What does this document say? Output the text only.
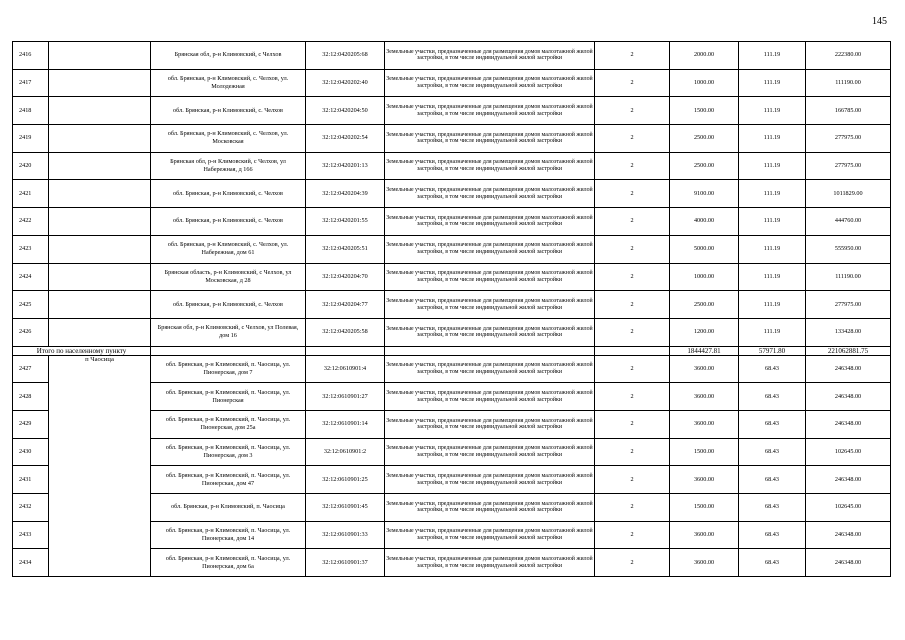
145
2416		Брянская обл, р-н Климовский, с Челхов	32:12:0420205:68	Земельные участки, предназначенные для размещения домов малоэтажной жилой застройки, в том числе индивидуальной жилой застройки	2	2000.00	111.19	222380.00
2417		обл. Брянская, р-н Климовский, с. Челхов, ул. Молодежная	32:12:0420202:40	Земельные участки, предназначенные для размещения домов малоэтажной жилой застройки, в том числе индивидуальной жилой застройки	2	1000.00	111.19	111190.00
2418		обл. Брянская, р-н Климовский, с. Челхов	32:12:0420204:50	Земельные участки, предназначенные для размещения домов малоэтажной жилой застройки, в том числе индивидуальной жилой застройки	2	1500.00	111.19	166785.00
2419		обл. Брянская, р-н Климовский, с. Челхов, ул. Московская	32:12:0420202:54	Земельные участки, предназначенные для размещения домов малоэтажной жилой застройки, в том числе индивидуальной жилой застройки	2	2500.00	111.19	277975.00
2420		Брянская обл, р-н Климовский, с Челхов, ул Набережная, д 166	32:12:0420201:13	Земельные участки, предназначенные для размещения домов малоэтажной жилой застройки, в том числе индивидуальной жилой застройки	2	2500.00	111.19	277975.00
2421		обл. Брянская, р-н Климовский, с. Челхов	32:12:0420204:39	Земельные участки, предназначенные для размещения домов малоэтажной жилой застройки, в том числе индивидуальной жилой застройки	2	9100.00	111.19	1011829.00
2422		обл. Брянская, р-н Климовский, с. Челхов	32:12:0420201:55	Земельные участки, предназначенные для размещения домов малоэтажной жилой застройки, в том числе индивидуальной жилой застройки	2	4000.00	111.19	444760.00
2423		обл. Брянская, р-н Климовский, с. Челхов, ул. Набережная, дом 61	32:12:0420205:51	Земельные участки, предназначенные для размещения домов малоэтажной жилой застройки, в том числе индивидуальной жилой застройки	2	5000.00	111.19	555950.00
2424		Брянская область, р-н Климовский, с Челхов, ул Московская, д 28	32:12:0420204:70	Земельные участки, предназначенные для размещения домов малоэтажной жилой застройки, в том числе индивидуальной жилой застройки	2	1000.00	111.19	111190.00
2425		обл. Брянская, р-н Климовский, с. Челхов	32:12:0420204:77	Земельные участки, предназначенные для размещения домов малоэтажной жилой застройки, в том числе индивидуальной жилой застройки	2	2500.00	111.19	277975.00
2426		Брянская обл, р-н Климовский, с Челхов, ул Полевая, дом 16	32:12:0420205:58	Земельные участки, предназначенные для размещения домов малоэтажной жилой застройки, в том числе индивидуальной жилой застройки	2	1200.00	111.19	133428.00
Итого по населенному пункту						1844427.81	57971.80	221062881.75
2427	п Чаосица	обл. Брянская, р-н Климовский, п. Чаосица, ул. Пионерская, дом 7	32:12:0610901:4	Земельные участки, предназначенные для размещения домов малоэтажной жилой застройки, в том числе индивидуальной жилой застройки	2	3600.00	68.43	246348.00
2428		обл. Брянская, р-н Климовский, п. Чаосица, ул. Пионерская	32:12:0610901:27	Земельные участки, предназначенные для размещения домов малоэтажной жилой застройки, в том числе индивидуальной жилой застройки	2	3600.00	68.43	246348.00
2429		обл. Брянская, р-н Климовский, п. Чаосица, ул. Пионерская, дом 25а	32:12:0610901:14	Земельные участки, предназначенные для размещения домов малоэтажной жилой застройки, в том числе индивидуальной жилой застройки	2	3600.00	68.43	246348.00
2430		обл. Брянская, р-н Климовский, п. Чаосица, ул. Пионерская, дом 3	32:12:0610901:2	Земельные участки, предназначенные для размещения домов малоэтажной жилой застройки, в том числе индивидуальной жилой застройки	2	1500.00	68.43	102645.00
2431		обл. Брянская, р-н Климовский, п. Чаосица, ул. Пионерская, дом 47	32:12:0610901:25	Земельные участки, предназначенные для размещения домов малоэтажной жилой застройки, в том числе индивидуальной жилой застройки	2	3600.00	68.43	246348.00
2432		обл. Брянская, р-н Климовский, п. Чаосица	32:12:0610901:45	Земельные участки, предназначенные для размещения домов малоэтажной жилой застройки, в том числе индивидуальной жилой застройки	2	1500.00	68.43	102645.00
2433		обл. Брянская, р-н Климовский, п. Чаосица, ул. Пионерская, дом 14	32:12:0610901:33	Земельные участки, предназначенные для размещения домов малоэтажной жилой застройки, в том числе индивидуальной жилой застройки	2	3600.00	68.43	246348.00
2434		обл. Брянская, р-н Климовский, п. Чаосица, ул. Пионерская, дом 6а	32:12:0610901:37	Земельные участки, предназначенные для размещения домов малоэтажной жилой застройки, в том числе индивидуальной жилой застройки	2	3600.00	68.43	246348.00
